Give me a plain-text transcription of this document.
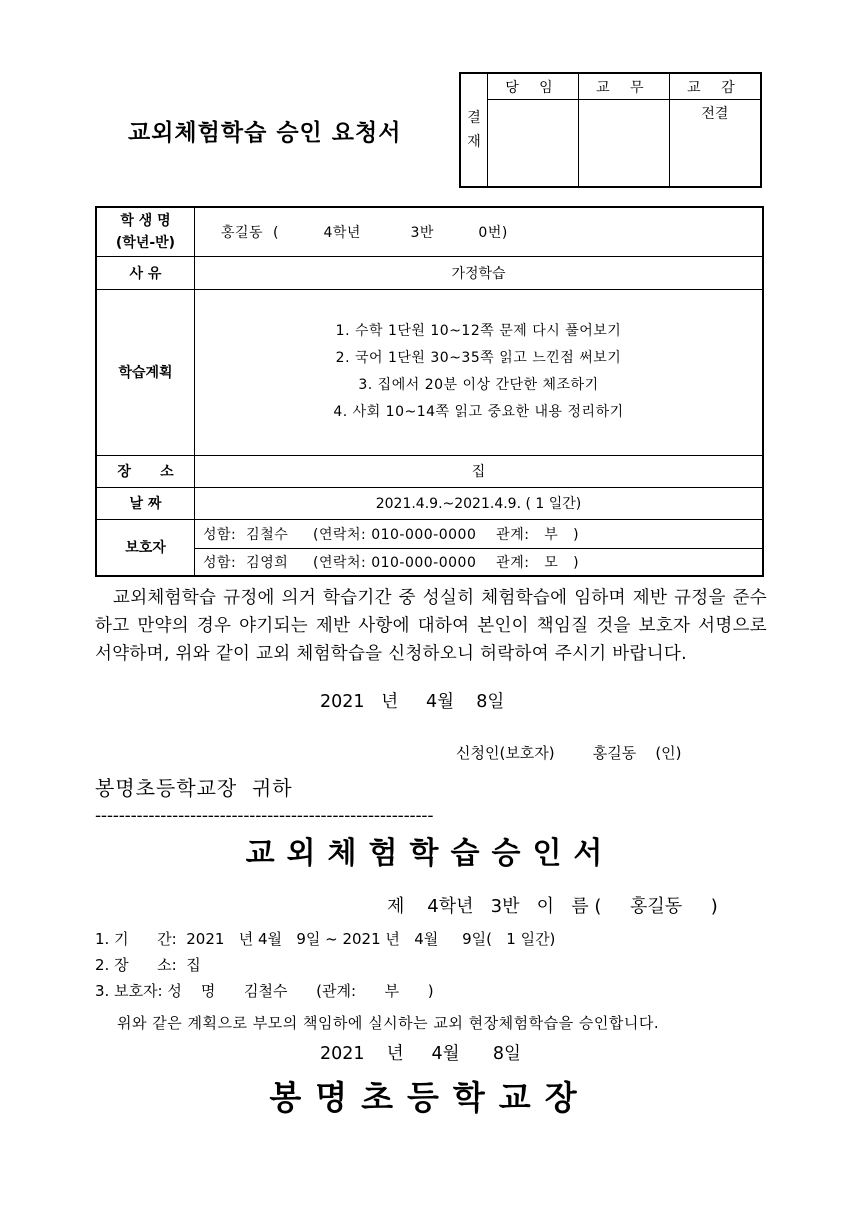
교외체험학습 승인 요청서
결
재	당 임	교 무	교 감
			전결
학 생 명
(학년-반)	홍길동  (         4학년          3반         0번)
사 유	가정학습
학습계획	1. 수학 1단원 10~12쪽 문제 다시 풀어보기
2. 국어 1단원 30~35쪽 읽고 느낀점 써보기
3. 집에서 20분 이상 간단한 체조하기
4. 사회 10~14쪽 읽고 중요한 내용 정리하기

장      소	집
날 짜	2021.4.9.~2021.4.9. ( 1 일간)
보호자	성함:  김철수     (연락처: 010-000-0000    관계:   부   )
	성함:  김영희     (연락처: 010-000-0000    관계:   모   )
교외체험학습 규정에 의거 학습기간 중 성실히 체험학습에 임하며 제반 규정을 준수하고 만약의 경우 야기되는 제반 사항에 대하여 본인이 책임질 것을 보호자 서명으로 서약하며, 위와 같이 교외 체험학습을 신청하오니 허락하여 주시기 바랍니다.
2021   년     4월    8일
신청인(보호자)        홍길동    (인)
봉명초등학교장  귀하
---------------------------------------------------------
교외체험학습승인서
제    4학년   3반   이   름 (     홍길동     )
1. 기      간:  2021   년 4월   9일 ~ 2021 년   4월     9일(   1 일간)
2. 장      소:  집
3. 보호자: 성    명      김철수      (관계:      부      )
위와 같은 계획으로 부모의 책임하에 실시하는 교외 현장체험학습을 승인합니다.
2021    년     4월      8일
봉명초등학교장
